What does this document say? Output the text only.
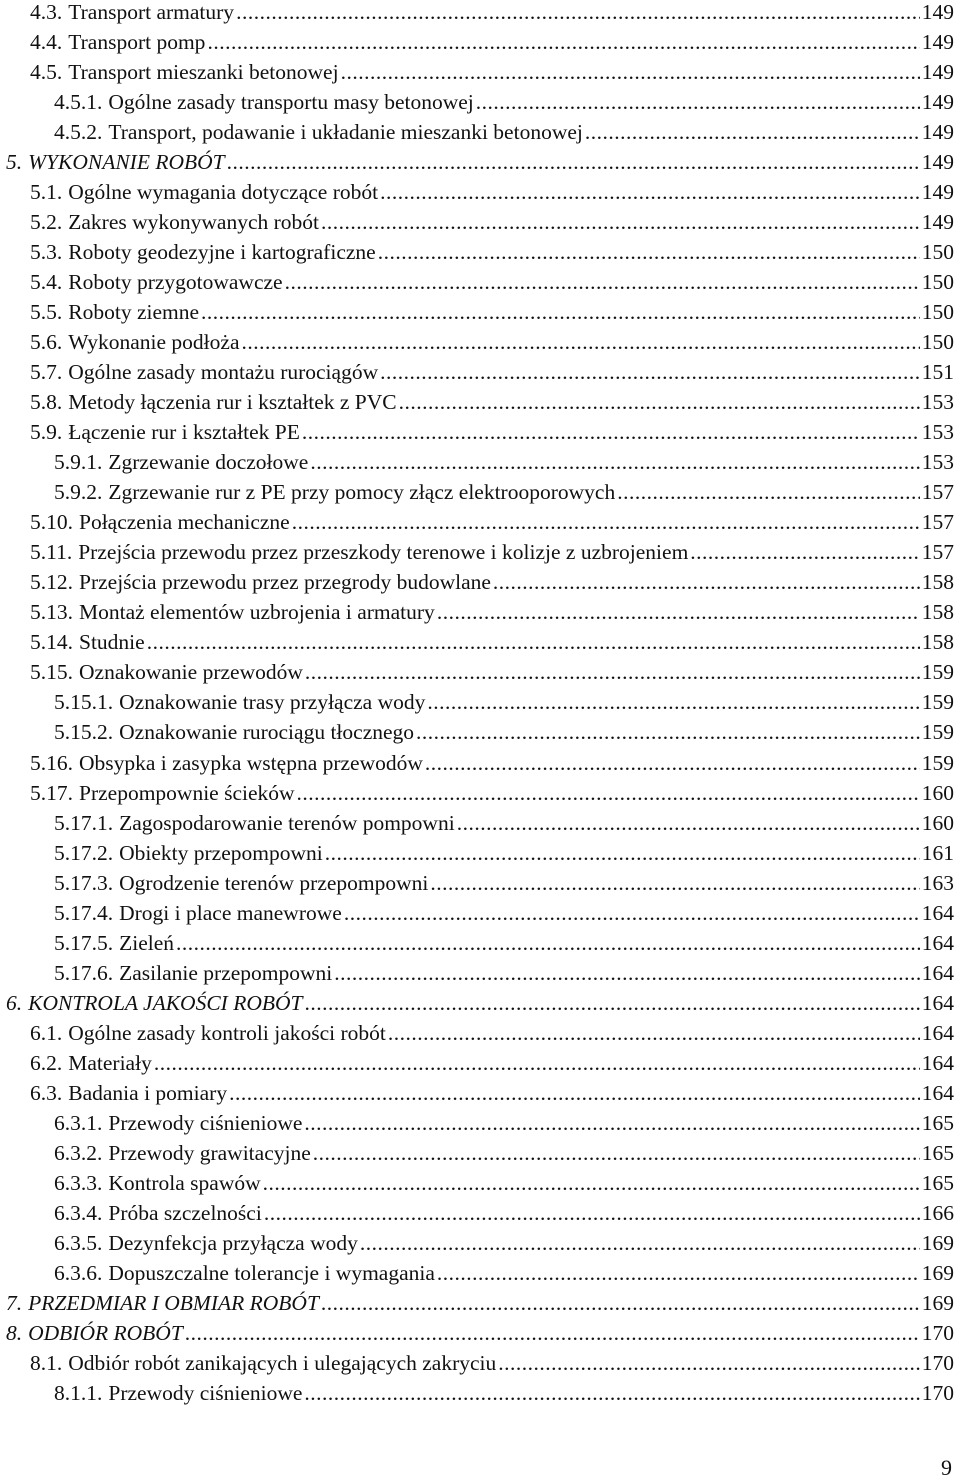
4.3. Transport armatury .....	149
4.4. Transport pomp .....	149
4.5. Transport mieszanki betonowej .....	149
4.5.1. Ogólne zasady transportu masy betonowej .....	149
4.5.2. Transport, podawanie i układanie mieszanki betonowej .....	149
5. WYKONANIE ROBÓT .....	149
5.1. Ogólne wymagania dotyczące robót .....	149
5.2. Zakres wykonywanych robót .....	149
5.3. Roboty geodezyjne i kartograficzne .....	150
5.4. Roboty przygotowawcze .....	150
5.5. Roboty ziemne .....	150
5.6. Wykonanie podłoża .....	150
5.7. Ogólne zasady montażu rurociągów .....	151
5.8. Metody łączenia rur i kształtek z PVC .....	153
5.9. Łączenie rur i kształtek PE .....	153
5.9.1. Zgrzewanie doczołowe .....	153
5.9.2. Zgrzewanie rur z PE przy pomocy złącz elektrooporowych .....	157
5.10. Połączenia mechaniczne .....	157
5.11. Przejścia przewodu przez przeszkody terenowe i kolizje z uzbrojeniem .....	157
5.12. Przejścia przewodu przez przegrody budowlane .....	158
5.13. Montaż elementów uzbrojenia i armatury .....	158
5.14. Studnie .....	158
5.15. Oznakowanie przewodów .....	159
5.15.1. Oznakowanie trasy przyłącza wody .....	159
5.15.2. Oznakowanie rurociągu tłocznego .....	159
5.16. Obsypka i zasypka wstępna przewodów .....	159
5.17. Przepompownie ścieków .....	160
5.17.1. Zagospodarowanie terenów pompowni .....	160
5.17.2. Obiekty przepompowni .....	161
5.17.3. Ogrodzenie terenów przepompowni .....	163
5.17.4. Drogi i place manewrowe .....	164
5.17.5. Zieleń .....	164
5.17.6. Zasilanie przepompowni .....	164
6. KONTROLA JAKOŚCI ROBÓT .....	164
6.1. Ogólne zasady kontroli jakości robót .....	164
6.2. Materiały .....	164
6.3. Badania i pomiary .....	164
6.3.1. Przewody ciśnieniowe .....	165
6.3.2. Przewody grawitacyjne .....	165
6.3.3. Kontrola spawów .....	165
6.3.4. Próba szczelności .....	166
6.3.5. Dezynfekcja przyłącza wody .....	169
6.3.6. Dopuszczalne tolerancje i wymagania .....	169
7. PRZEDMIAR I OBMIAR ROBÓT .....	169
8. ODBIÓR ROBÓT .....	170
8.1. Odbiór robót zanikających i ulegających zakryciu .....	170
8.1.1. Przewody ciśnieniowe .....	170
9
